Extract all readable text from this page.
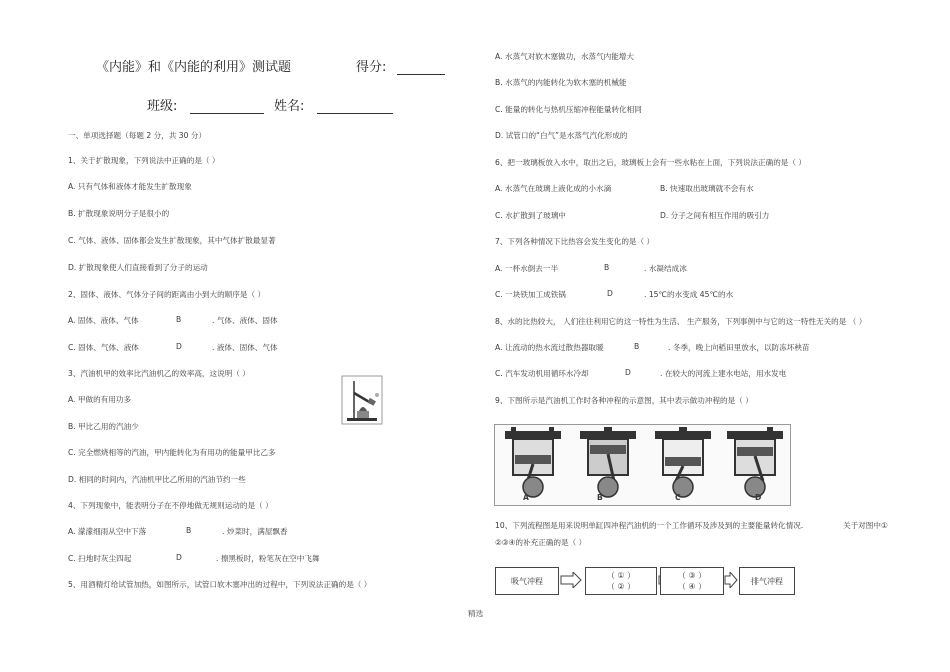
《内能》和《内能的利用》测试题	得分:
班级:	姓名:
一、单项选择题（每题 2 分，共 30 分）
1、关于扩散现象，下列说法中正确的是（ ）
A. 只有气体和液体才能发生扩散现象
B. 扩散现象说明分子是很小的
C. 气体、液体、固体都会发生扩散现象，其中气体扩散最显著
D. 扩散现象使人们直接看到了分子的运动
2、固体、液体、气体分子间的距离由小到大的顺序是（ ）
A. 固体、液体、气体	B	. 气体、液体、固体
C. 固体、气体、液体	D	. 液体、固体、气体
3、汽油机甲的效率比汽油机乙的效率高，这说明（ ）
A. 甲做的有用功多
B. 甲比乙用的汽油少
C. 完全燃烧相等的汽油，甲内能转化为有用功的能量甲比乙多
D. 相同的时间内，汽油机甲比乙所用的汽油节约一些
4、下列现象中，能表明分子在不停地做无规则运动的是（ ）
A. 濛濛细雨从空中下落	B	. 炒菜时，满屋飘香
C. 扫地时灰尘四起	D	. 擦黑板时，粉笔灰在空中飞舞
5、用酒精灯给试管加热，如图所示，试管口软木塞冲出的过程中，下列说法正确的是（ ）
A. 水蒸气对软木塞做功，水蒸气内能增大
B. 水蒸气的内能转化为软木塞的机械能
C. 能量的转化与热机压缩冲程能量转化相同
D. 试管口的“白气”是水蒸气汽化形成的
6、把一玻璃板放入水中，取出之后，玻璃板上会有一些水粘在上面，下列说法正确的是（ ）
A. 水蒸气在玻璃上液化成的小水滴	B. 快速取出玻璃就不会有水
C. 水扩散到了玻璃中	D. 分子之间有相互作用的吸引力
7、下列各种情况下比热容会发生变化的是（ ）
A. 一杯水倒去一半	B	. 水凝结成冰
C. 一块铁加工成铁锅	D	. 15℃的水变成 45℃的水
8、水的比热较大， 人们往往利用它的这一特性为生活、 生产服务，下列事例中与它的这一特性无关的是 （ ）
A. 让流动的热水流过散热器取暖	B	. 冬季，晚上向稻田里放水，以防冻坏秧苗
C. 汽车发动机用循环水冷却	D	. 在较大的河流上建水电站，用水发电
9、下图所示是汽油机工作时各种冲程的示意图，其中表示做功冲程的是（ ）
A	B	C	D
10、下列流程图是用来说明单缸四冲程汽油机的一个工作循环及涉及到的主要能量转化情况.	关于对图中①
②③④的补充正确的是（ ）
吸气冲程
（ ① ）
（ ② ）
（ ③ ）
（ ④ ）
排气冲程
精选
